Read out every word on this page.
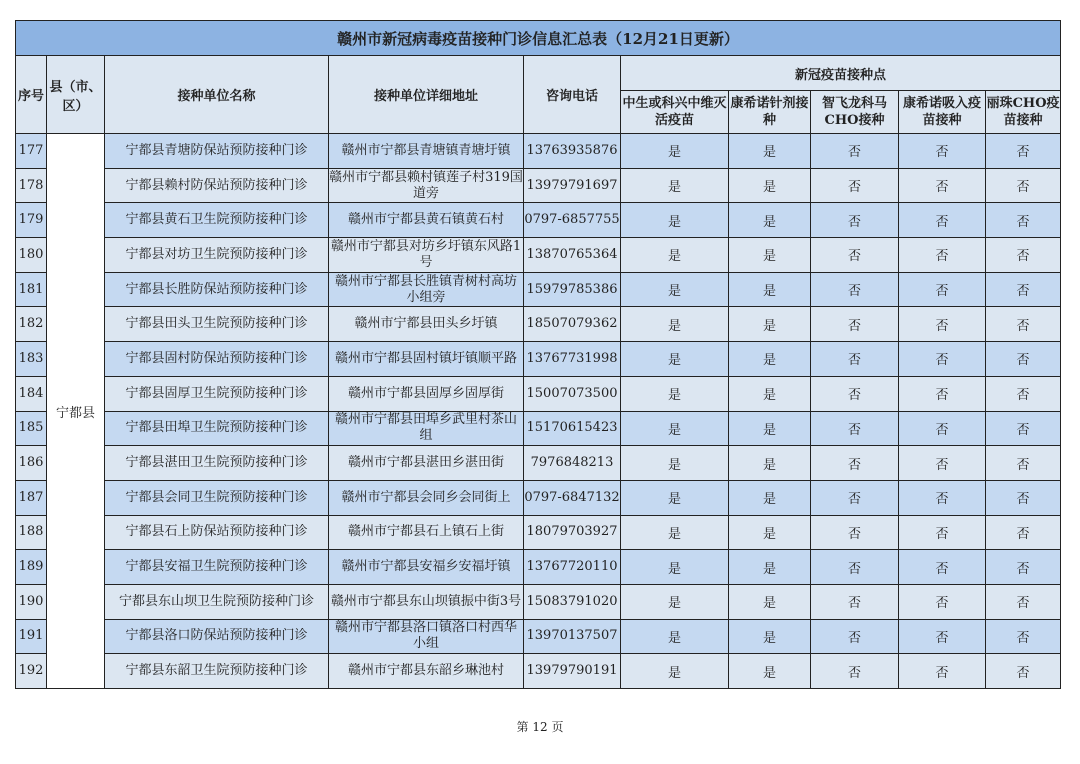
赣州市新冠病毒疫苗接种门诊信息汇总表（12月21日更新）									
序号	县（市、区）	接种单位名称	接种单位详细地址	咨询电话	新冠疫苗接种点				
					中生或科兴中维灭活疫苗	康希诺针剂接种	智飞龙科马CHO接种	康希诺吸入疫苗接种	丽珠CHO疫苗接种

177	宁都县	宁都县青塘防保站预防接种门诊	赣州市宁都县青塘镇青塘圩镇	13763935876	是	是	否	否	否

178		宁都县赖村防保站预防接种门诊	赣州市宁都县赖村镇莲子村319国道旁	13979791697	是	是	否	否	否

179		宁都县黄石卫生院预防接种门诊	赣州市宁都县黄石镇黄石村	0797-6857755	是	是	否	否	否

180		宁都县对坊卫生院预防接种门诊	赣州市宁都县对坊乡圩镇东风路1号	13870765364	是	是	否	否	否

181		宁都县长胜防保站预防接种门诊	赣州市宁都县长胜镇青树村高坊小组旁	15979785386	是	是	否	否	否

182		宁都县田头卫生院预防接种门诊	赣州市宁都县田头乡圩镇	18507079362	是	是	否	否	否

183		宁都县固村防保站预防接种门诊	赣州市宁都县固村镇圩镇顺平路	13767731998	是	是	否	否	否

184		宁都县固厚卫生院预防接种门诊	赣州市宁都县固厚乡固厚街	15007073500	是	是	否	否	否

185		宁都县田埠卫生院预防接种门诊	赣州市宁都县田埠乡武里村茶山组	15170615423	是	是	否	否	否

186		宁都县湛田卫生院预防接种门诊	赣州市宁都县湛田乡湛田街	7976848213	是	是	否	否	否

187		宁都县会同卫生院预防接种门诊	赣州市宁都县会同乡会同街上	0797-6847132	是	是	否	否	否

188		宁都县石上防保站预防接种门诊	赣州市宁都县石上镇石上街	18079703927	是	是	否	否	否

189		宁都县安福卫生院预防接种门诊	赣州市宁都县安福乡安福圩镇	13767720110	是	是	否	否	否

190		宁都县东山坝卫生院预防接种门诊	赣州市宁都县东山坝镇振中街3号	15083791020	是	是	否	否	否

191		宁都县洛口防保站预防接种门诊	赣州市宁都县洛口镇洛口村西华小组	13970137507	是	是	否	否	否

192		宁都县东韶卫生院预防接种门诊	赣州市宁都县东韶乡琳池村	13979790191	是	是	否	否	否
第 12 页
